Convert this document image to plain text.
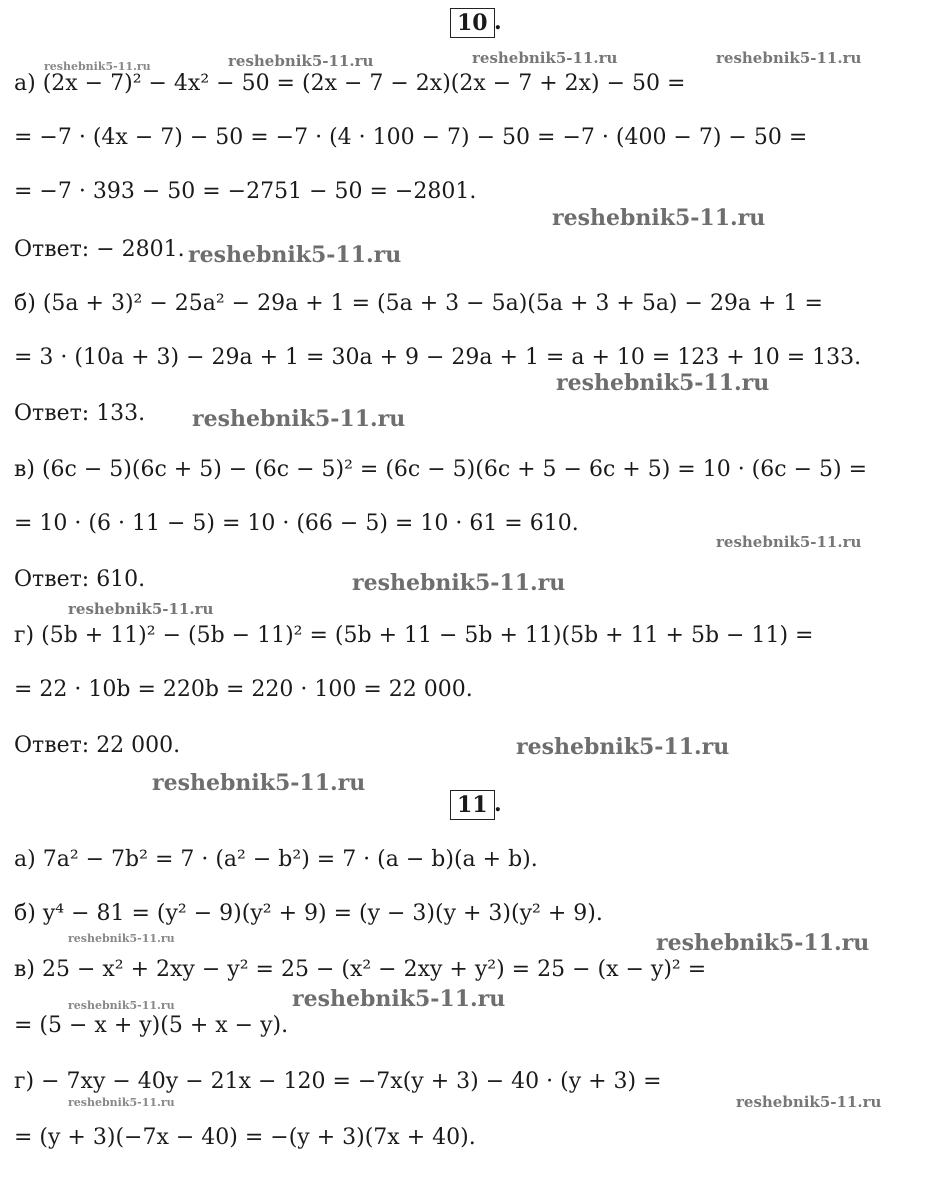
10 .
а) (2x − 7)² − 4x² − 50 = (2x − 7 − 2x)(2x − 7 + 2x) − 50 =
= −7 · (4x − 7) − 50 = −7 · (4 · 100 − 7) − 50 = −7 · (400 − 7) − 50 =
= −7 · 393 − 50 = −2751 − 50 = −2801.
Ответ: − 2801.
б) (5a + 3)² − 25a² − 29a + 1 = (5a + 3 − 5a)(5a + 3 + 5a) − 29a + 1 =
= 3 · (10a + 3) − 29a + 1 = 30a + 9 − 29a + 1 = a + 10 = 123 + 10 = 133.
Ответ: 133.
в) (6c − 5)(6c + 5) − (6c − 5)² = (6c − 5)(6c + 5 − 6c + 5) = 10 · (6c − 5) =
= 10 · (6 · 11 − 5) = 10 · (66 − 5) = 10 · 61 = 610.
Ответ: 610.
г) (5b + 11)² − (5b − 11)² = (5b + 11 − 5b + 11)(5b + 11 + 5b − 11) =
= 22 · 10b = 220b = 220 · 100 = 22 000.
Ответ: 22 000.
11 .
а) 7a² − 7b² = 7 · (a² − b²) = 7 · (a − b)(a + b).
б) y⁴ − 81 = (y² − 9)(y² + 9) = (y − 3)(y + 3)(y² + 9).
в) 25 − x² + 2xy − y² = 25 − (x² − 2xy + y²) = 25 − (x − y)² =
= (5 − x + y)(5 + x − y).
г) − 7xy − 40y − 21x − 120 = −7x(y + 3) − 40 · (y + 3) =
= (y + 3)(−7x − 40) = −(y + 3)(7x + 40).
reshebnik5-11.ru	reshebnik5-11.ru	reshebnik5-11.ru	reshebnik5-11.ru
reshebnik5-11.ru
reshebnik5-11.ru
reshebnik5-11.ru
reshebnik5-11.ru
reshebnik5-11.ru
reshebnik5-11.ru
reshebnik5-11.ru
reshebnik5-11.ru
reshebnik5-11.ru
reshebnik5-11.ru	reshebnik5-11.ru
reshebnik5-11.ru
reshebnik5-11.ru
reshebnik5-11.ru	reshebnik5-11.ru
